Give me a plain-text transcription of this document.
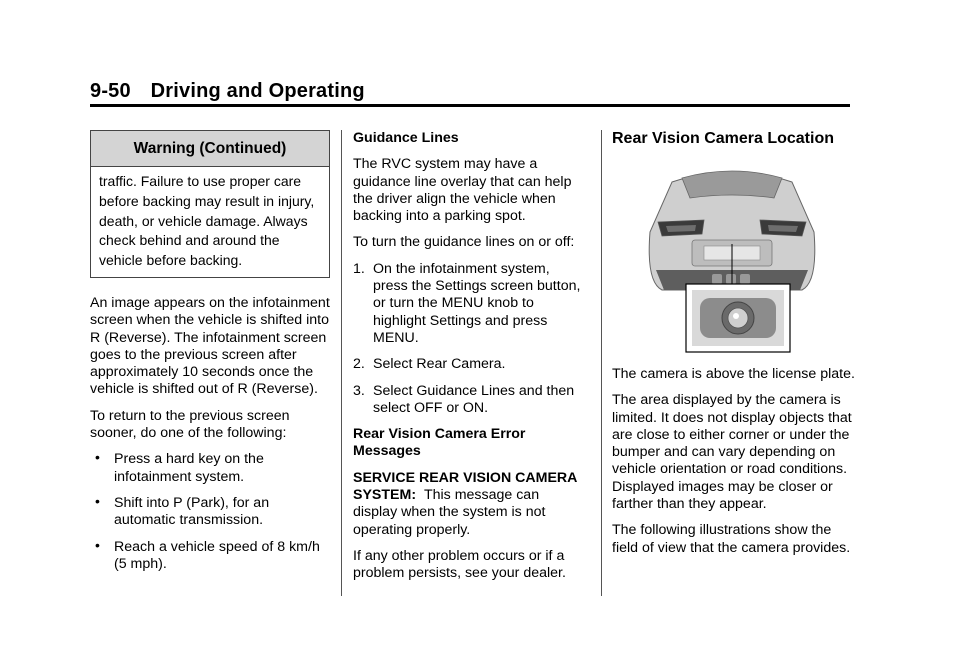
9-50 Driving and Operating
Warning (Continued)
traffic. Failure to use proper care before backing may result in injury, death, or vehicle damage. Always check behind and around the vehicle before backing.

An image appears on the infotainment screen when the vehicle is shifted into R (Reverse). The infotainment screen goes to the previous screen after approximately 10 seconds once the vehicle is shifted out of R (Reverse).

To return to the previous screen sooner, do one of the following:

• Press a hard key on the infotainment system.
• Shift into P (Park), for an automatic transmission.
• Reach a vehicle speed of 8 km/h (5 mph).
Guidance Lines

The RVC system may have a guidance line overlay that can help the driver align the vehicle when backing into a parking spot.

To turn the guidance lines on or off:

1. On the infotainment system, press the Settings screen button, or turn the MENU knob to highlight Settings and press MENU.
2. Select Rear Camera.
3. Select Guidance Lines and then select OFF or ON.
Rear Vision Camera Error Messages

SERVICE REAR VISION CAMERA SYSTEM: This message can display when the system is not operating properly.

If any other problem occurs or if a problem persists, see your dealer.

Rear Vision Camera Location

The camera is above the license plate.

The area displayed by the camera is limited. It does not display objects that are close to either corner or under the bumper and can vary depending on vehicle orientation or road conditions. Displayed images may be closer or farther than they appear.

The following illustrations show the field of view that the camera provides.
